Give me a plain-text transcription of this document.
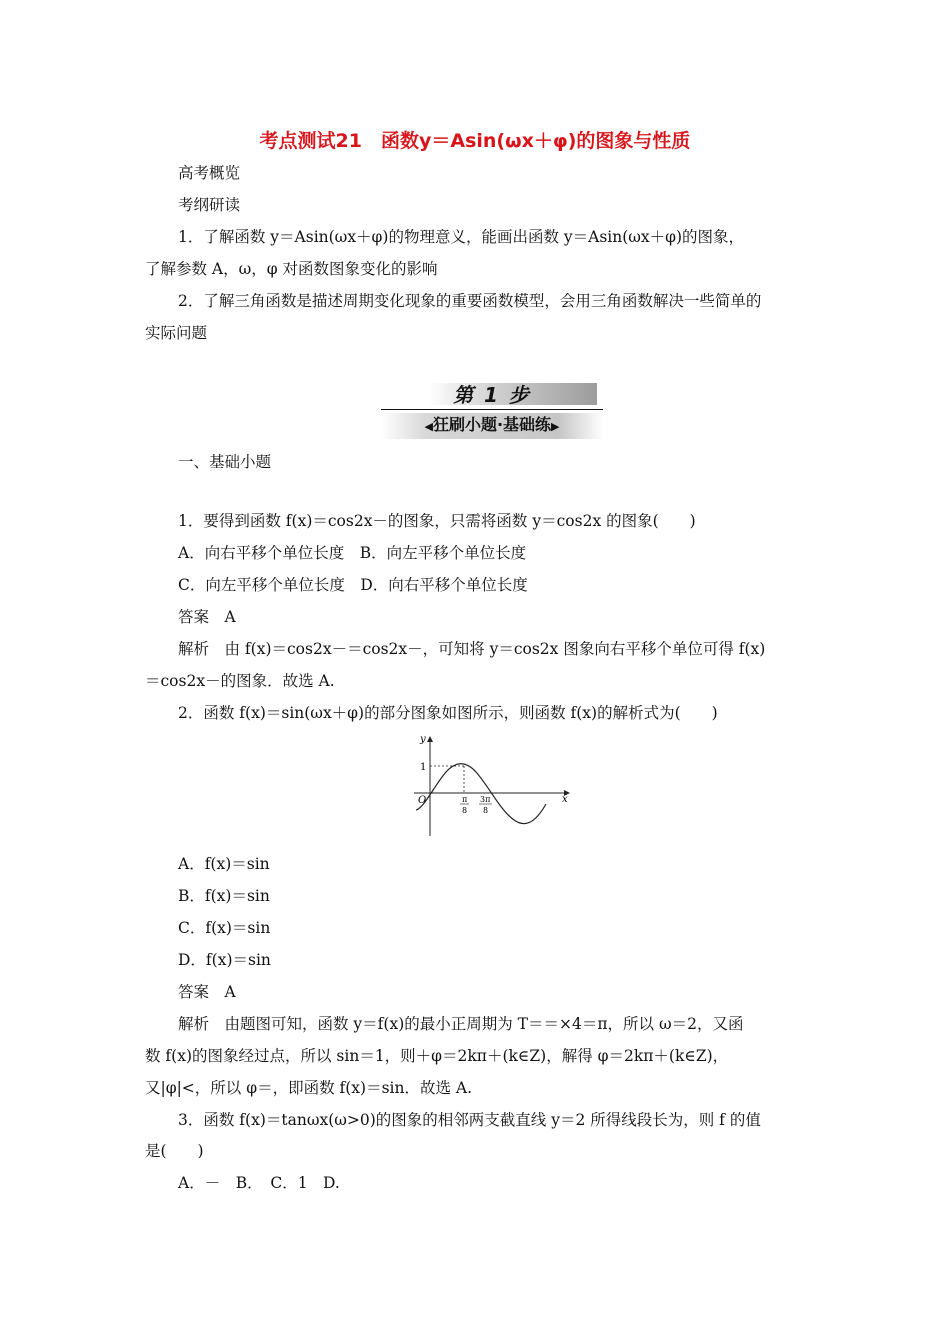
考点测试21　函数y＝Asin(ωx＋φ)的图象与性质
高考概览
考纲研读
1．了解函数 y＝Asin(ωx＋φ)的物理意义，能画出函数 y＝Asin(ωx＋φ)的图象，
了解参数 A，ω，φ 对函数图象变化的影响
2．了解三角函数是描述周期变化现象的重要函数模型，会用三角函数解决一些简单的
实际问题
第 1 步
◀狂刷小题·基础练▶
一、基础小题
1．要得到函数 f(x)＝cos2x－的图象，只需将函数 y＝cos2x 的图象(　　)
A．向右平移个单位长度　B．向左平移个单位长度
C．向左平移个单位长度　D．向右平移个单位长度
答案　A
解析　由 f(x)＝cos2x－＝cos2x－，可知将 y＝cos2x 图象向右平移个单位可得 f(x)
＝cos2x－的图象．故选 A.
2．函数 f(x)＝sin(ωx＋φ)的部分图象如图所示，则函数 f(x)的解析式为(　　)
y
x
O
1
π
8
3π
8
A．f(x)＝sin
B．f(x)＝sin
C．f(x)＝sin
D．f(x)＝sin
答案　A
解析　由题图可知，函数 y＝f(x)的最小正周期为 T＝＝×4＝π，所以 ω＝2，又函
数 f(x)的图象经过点，所以 sin＝1，则＋φ＝2kπ＋(k∈Z)，解得 φ＝2kπ＋(k∈Z)，
又|φ|<，所以 φ＝，即函数 f(x)＝sin．故选 A.
3．函数 f(x)＝tanωx(ω>0)的图象的相邻两支截直线 y＝2 所得线段长为，则 f 的值
是(　　)
A．－　B．　C．1　D.
